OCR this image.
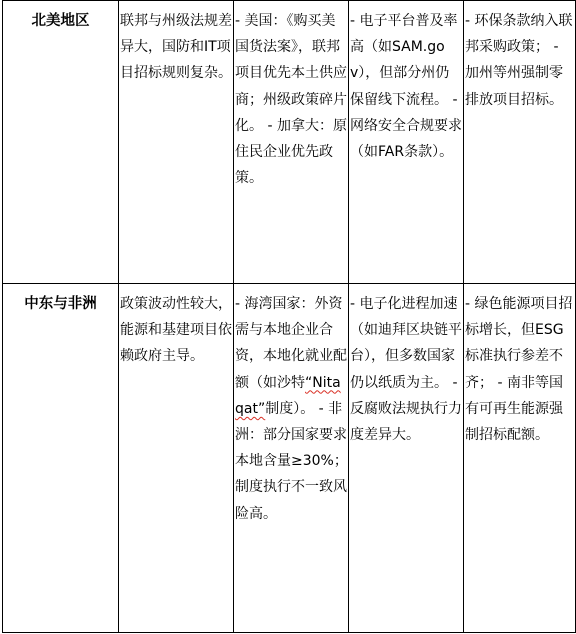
北美地区	联邦与州级法规差异大，国防和IT项目招标规则复杂。	- 美国：《购买美国货法案》，联邦项目优先本土供应商；州级政策碎片化。 - 加拿大：原住民企业优先政策。	- 电子平台普及率高（如SAM.gov），但部分州仍保留线下流程。 - 网络安全合规要求（如FAR条款）。	- 环保条款纳入联邦采购政策； - 加州等州强制零排放项目招标。
中东与非洲	政策波动性较大，能源和基建项目依赖政府主导。	- 海湾国家：外资需与本地企业合资，本地化就业配额（如沙特“Nitaqat”制度）。 - 非洲：部分国家要求本地含量≥30%；制度执行不一致风险高。	- 电子化进程加速（如迪拜区块链平台），但多数国家仍以纸质为主。 - 反腐败法规执行力度差异大。	- 绿色能源项目招标增长，但ESG标准执行参差不齐； - 南非等国有可再生能源强制招标配额。
